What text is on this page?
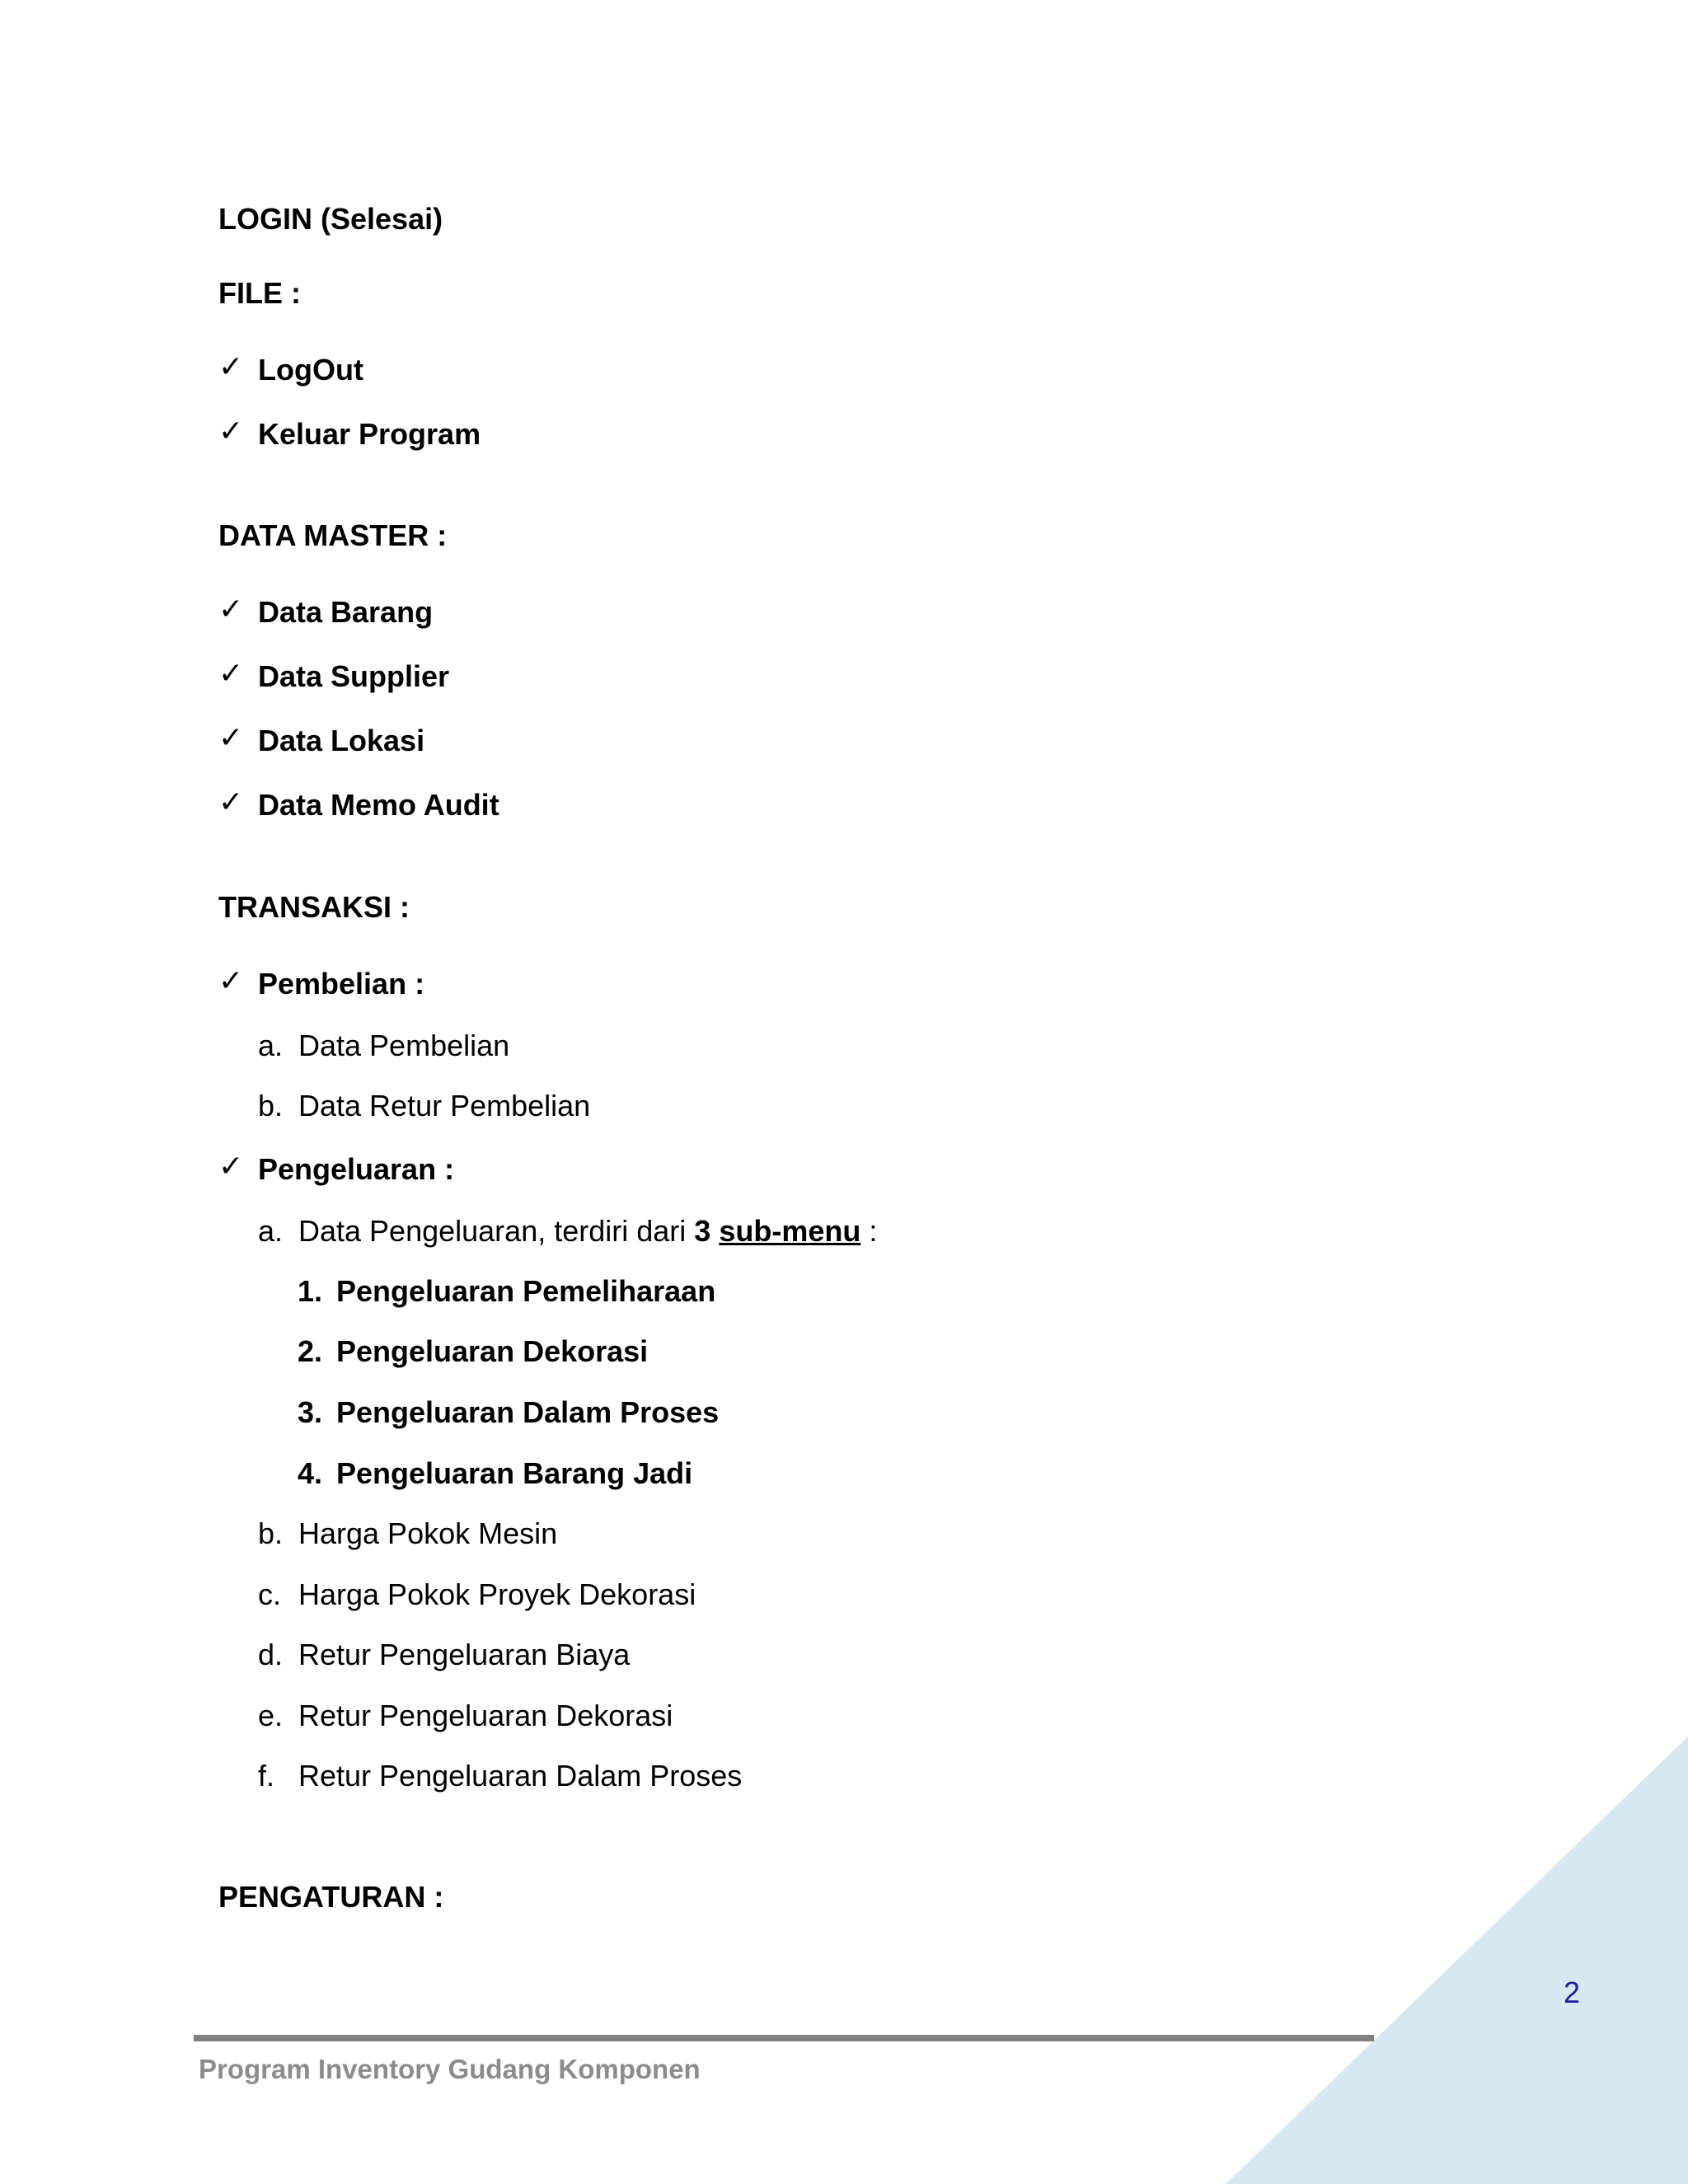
LOGIN (Selesai)
FILE :
✓ LogOut
✓ Keluar Program
DATA MASTER :
✓ Data Barang
✓ Data Supplier
✓ Data Lokasi
✓ Data Memo Audit
TRANSAKSI :
✓ Pembelian :
a. Data Pembelian
b. Data Retur Pembelian
✓ Pengeluaran :
a. Data Pengeluaran, terdiri dari 3 sub-menu :
1. Pengeluaran Pemeliharaan
2. Pengeluaran Dekorasi
3. Pengeluaran Dalam Proses
4. Pengeluaran Barang Jadi
b. Harga Pokok Mesin
c. Harga Pokok Proyek Dekorasi
d. Retur Pengeluaran Biaya
e. Retur Pengeluaran Dekorasi
f. Retur Pengeluaran Dalam Proses
PENGATURAN :
2
Program Inventory Gudang Komponen
